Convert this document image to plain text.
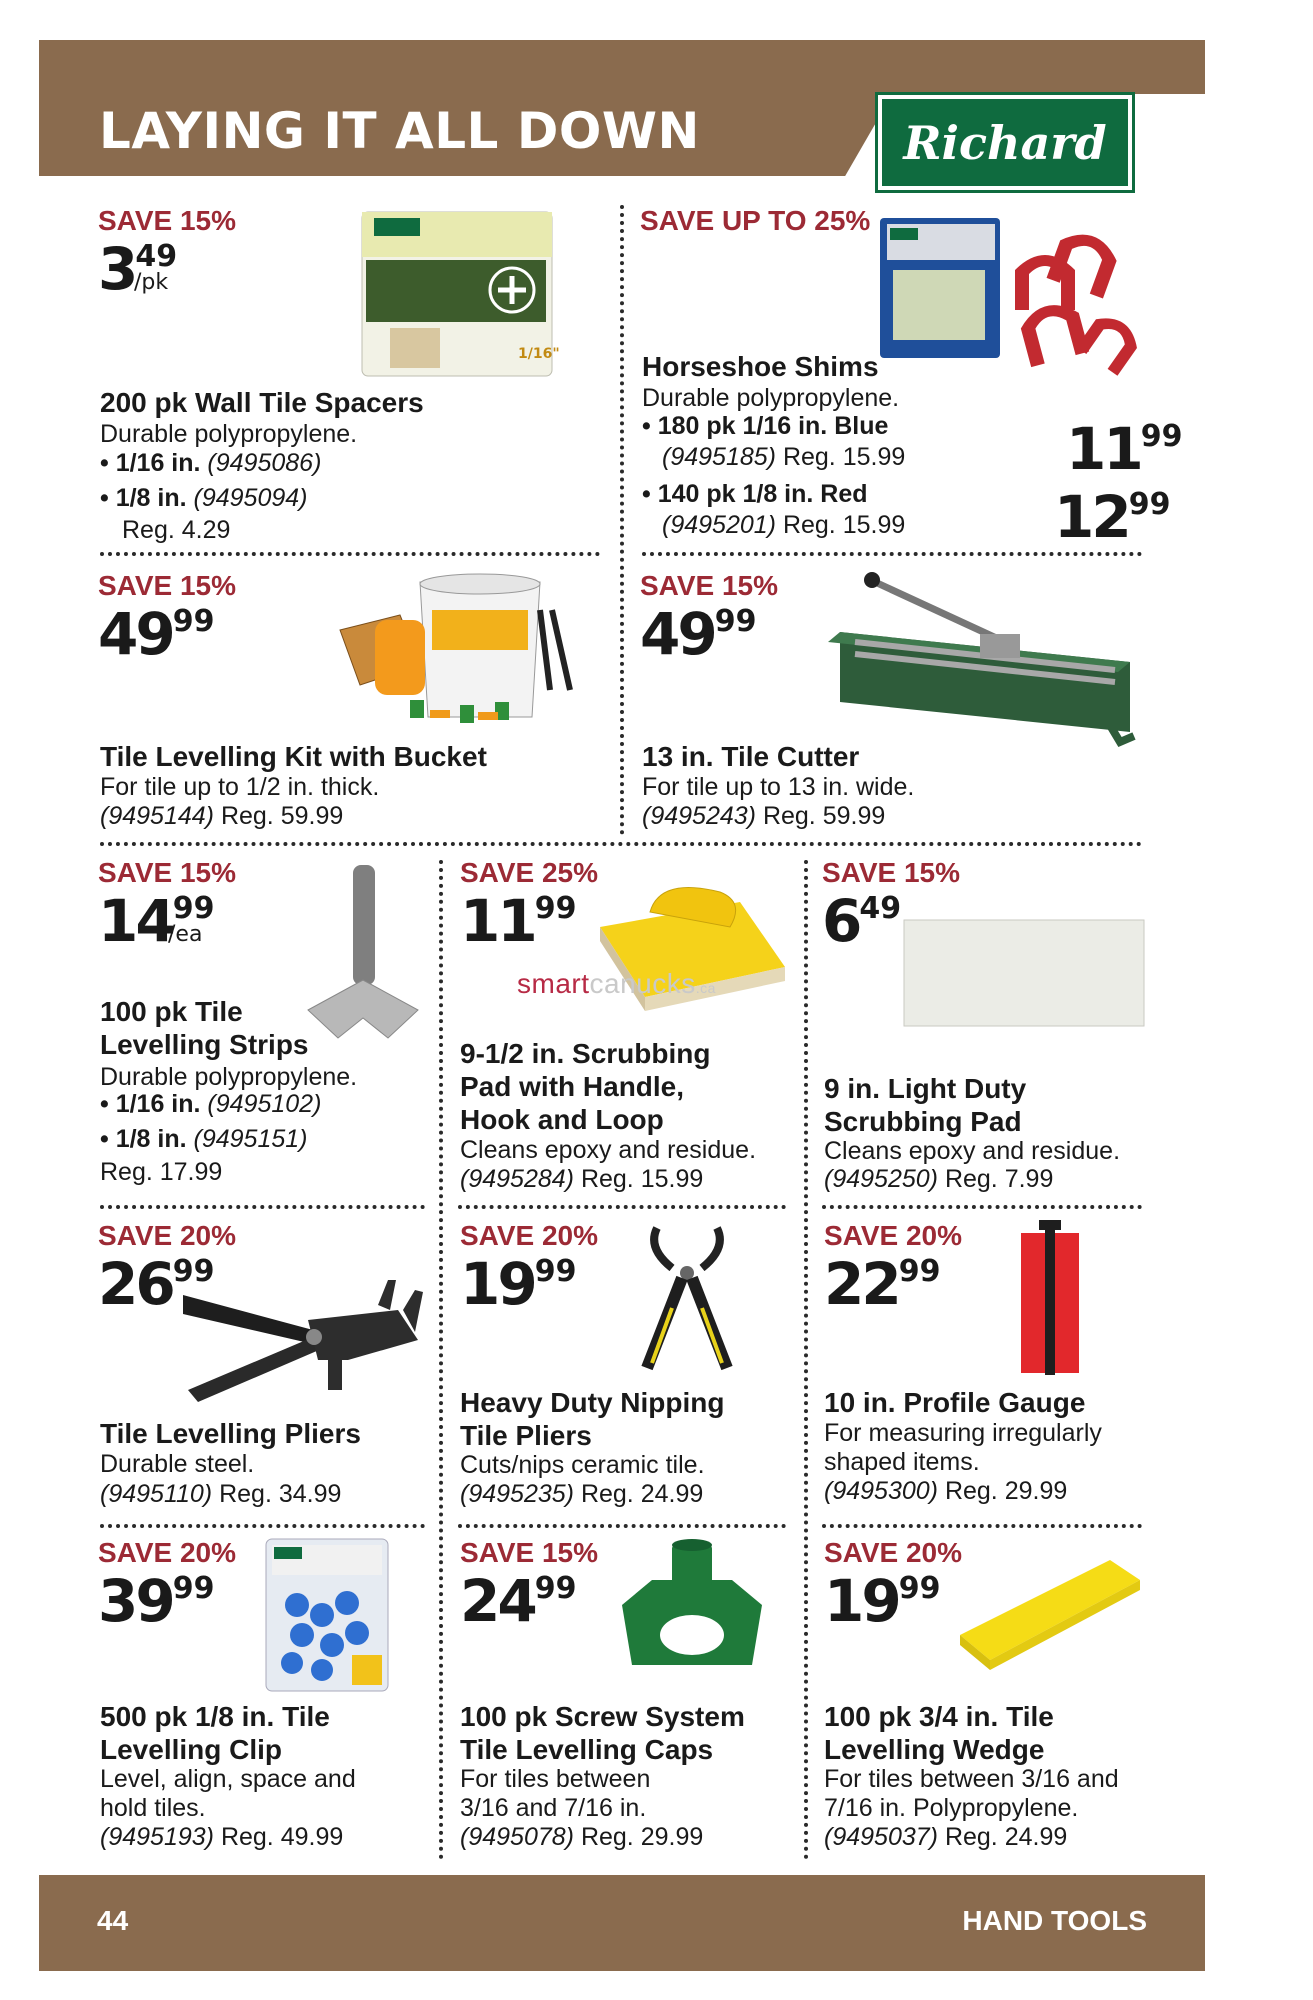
LAYING IT ALL DOWN	Richard
SAVE 15%
349
/pk
1/16"
200 pk Wall Tile Spacers
Durable polypropylene.
• 1/16 in. (9495086)
• 1/8 in. (9495094)
Reg. 4.29
SAVE UP TO 25%
Horseshoe Shims
Durable polypropylene.
• 180 pk 1/16 in. Blue
(9495185) Reg. 15.99
• 140 pk 1/8 in. Red
(9495201) Reg. 15.99
1199
1299
SAVE 15%
4999
Tile Levelling Kit with Bucket
For tile up to 1/2 in. thick.
(9495144) Reg. 59.99
SAVE 15%
4999
13 in. Tile Cutter
For tile up to 13 in. wide.
(9495243) Reg. 59.99
SAVE 15%
1499
/ea
100 pk Tile
Levelling Strips
Durable polypropylene.
• 1/16 in. (9495102)
• 1/8 in. (9495151)
Reg. 17.99
SAVE 25%
1199
9-1/2 in. Scrubbing
Pad with Handle,
Hook and Loop
Cleans epoxy and residue.
(9495284) Reg. 15.99
SAVE 15%
649
9 in. Light Duty
Scrubbing Pad
Cleans epoxy and residue.
(9495250) Reg. 7.99
SAVE 20%
2699
Tile Levelling Pliers
Durable steel.
(9495110) Reg. 34.99
SAVE 20%
1999
Heavy Duty Nipping
Tile Pliers
Cuts/nips ceramic tile.
(9495235) Reg. 24.99
SAVE 20%
2299
10 in. Profile Gauge
For measuring irregularly
shaped items.
(9495300) Reg. 29.99
SAVE 20%
3999
500 pk 1/8 in. Tile
Levelling Clip
Level, align, space and
hold tiles.
(9495193) Reg. 49.99
SAVE 15%
2499
100 pk Screw System
Tile Levelling Caps
For tiles between
3/16 and 7/16 in.
(9495078) Reg. 29.99
SAVE 20%
1999
100 pk 3/4 in. Tile
Levelling Wedge
For tiles between 3/16 and
7/16 in. Polypropylene.
(9495037) Reg. 24.99
smartcanucks.ca
44	HAND TOOLS
